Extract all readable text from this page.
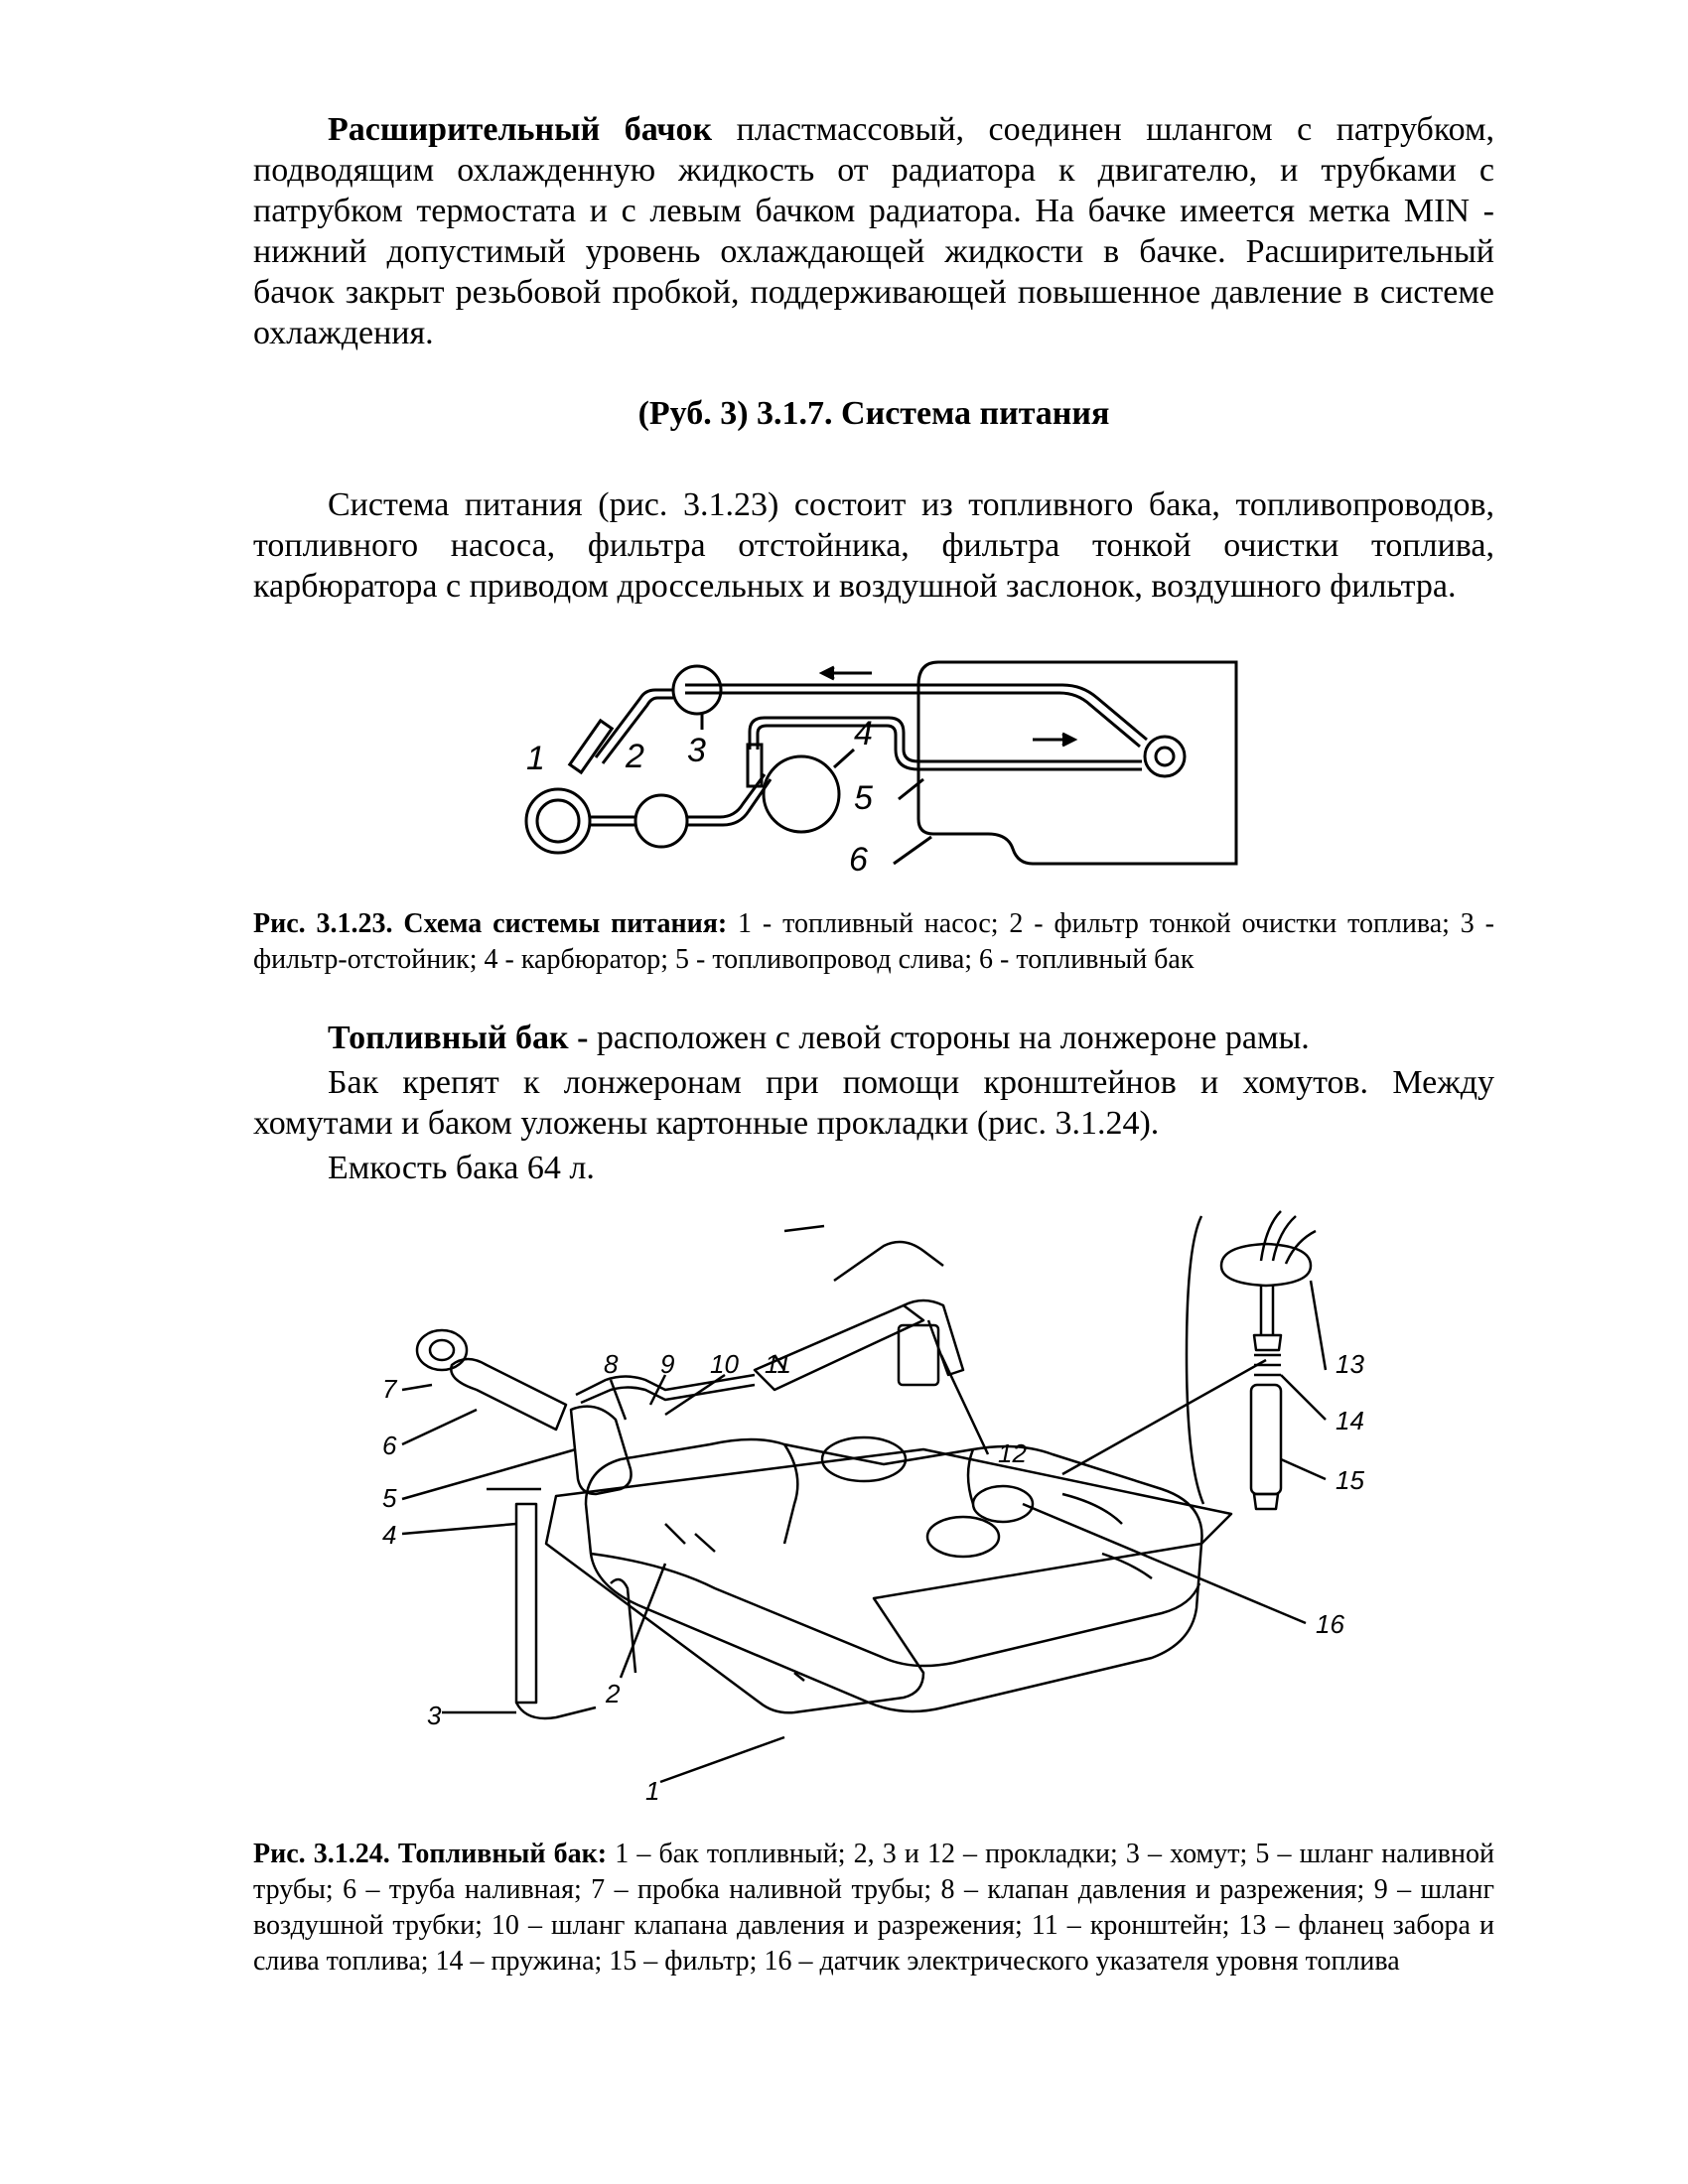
Расширительный бачок пластмассовый, соединен шлангом с патрубком, подводящим охлажденную жидкость от радиатора к двигателю, и трубками с патрубком термостата и с левым бачком радиатора. На бачке имеется метка MIN - нижний допустимый уровень охлаждающей жидкости в бачке. Расширительный бачок закрыт резьбовой пробкой, поддерживающей повышенное давление в системе охлаждения.

(Руб. 3) 3.1.7. Система питания

Система питания (рис. 3.1.23) состоит из топливного бака, топливопроводов, топливного насоса, фильтра отстойника, фильтра тонкой очистки топлива, карбюратора с приводом дроссельных и воздушной заслонок, воздушного фильтра.

1 2 3	4
5
6

Рис. 3.1.23. Схема системы питания: 1 - топливный насос; 2 - фильтр тонкой очистки топлива; 3 - фильтр-отстойник; 4 - карбюратор; 5 - топливопровод слива; 6 - топливный бак

Топливный бак - расположен с левой стороны на лонжероне рамы.

Бак крепят к лонжеронам при помощи кронштейнов и хомутов. Между хомутами и баком уложены картонные прокладки (рис. 3.1.24).

Емкость бака 64 л.

1
2
3
4
5
6
7
8 9 10 11
12
13
14
15
16

Рис. 3.1.24. Топливный бак: 1 – бак топливный; 2, 3 и 12 – прокладки; 3 – хомут; 5 – шланг наливной трубы; 6 – труба наливная; 7 – пробка наливной трубы; 8 – клапан давления и разрежения; 9 – шланг воздушной трубки; 10 – шланг клапана давления и разрежения; 11 – кронштейн; 13 – фланец забора и слива топлива; 14 – пружина; 15 – фильтр; 16 – датчик электрического указателя уровня топлива
